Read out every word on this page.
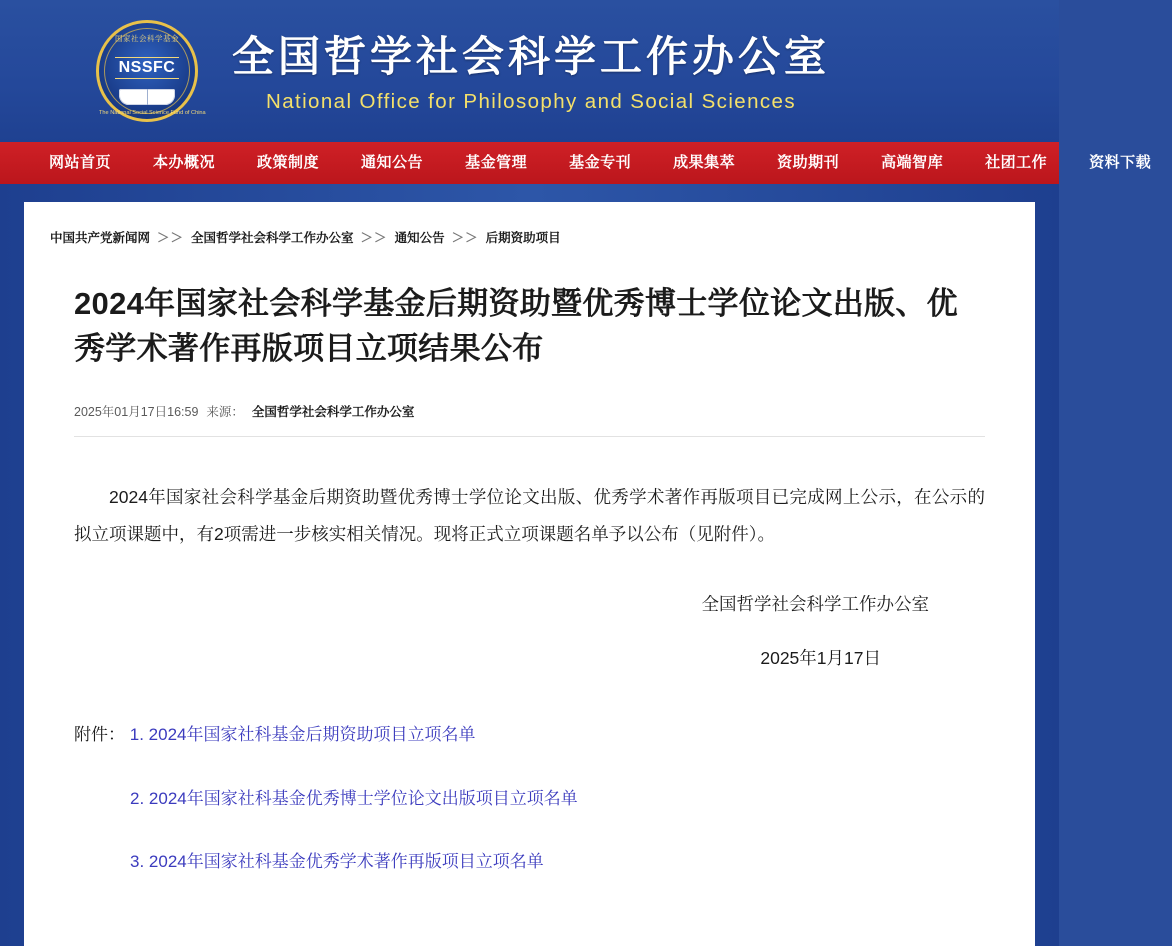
国家社会科学基金
NSSFC
The National Social Science Fund of China
全国哲学社会科学工作办公室
National Office for Philosophy and Social Sciences
网站首页	本办概况	政策制度	通知公告	基金管理	基金专刊	成果集萃	资助期刊	高端智库	社团工作	资料下载
中国共产党新闻网 ＞＞ 全国哲学社会科学工作办公室 ＞＞ 通知公告 ＞＞ 后期资助项目
2024年国家社会科学基金后期资助暨优秀博士学位论文出版、优秀学术著作再版项目立项结果公布
2025年01月17日16:59 来源： 全国哲学社会科学工作办公室

2024年国家社会科学基金后期资助暨优秀博士学位论文出版、优秀学术著作再版项目已完成网上公示，在公示的拟立项课题中，有2项需进一步核实相关情况。现将正式立项课题名单予以公布（见附件）。

全国哲学社会科学工作办公室
2025年1月17日
附件： 1. 2024年国家社科基金后期资助项目立项名单
2. 2024年国家社科基金优秀博士学位论文出版项目立项名单
3. 2024年国家社科基金优秀学术著作再版项目立项名单
